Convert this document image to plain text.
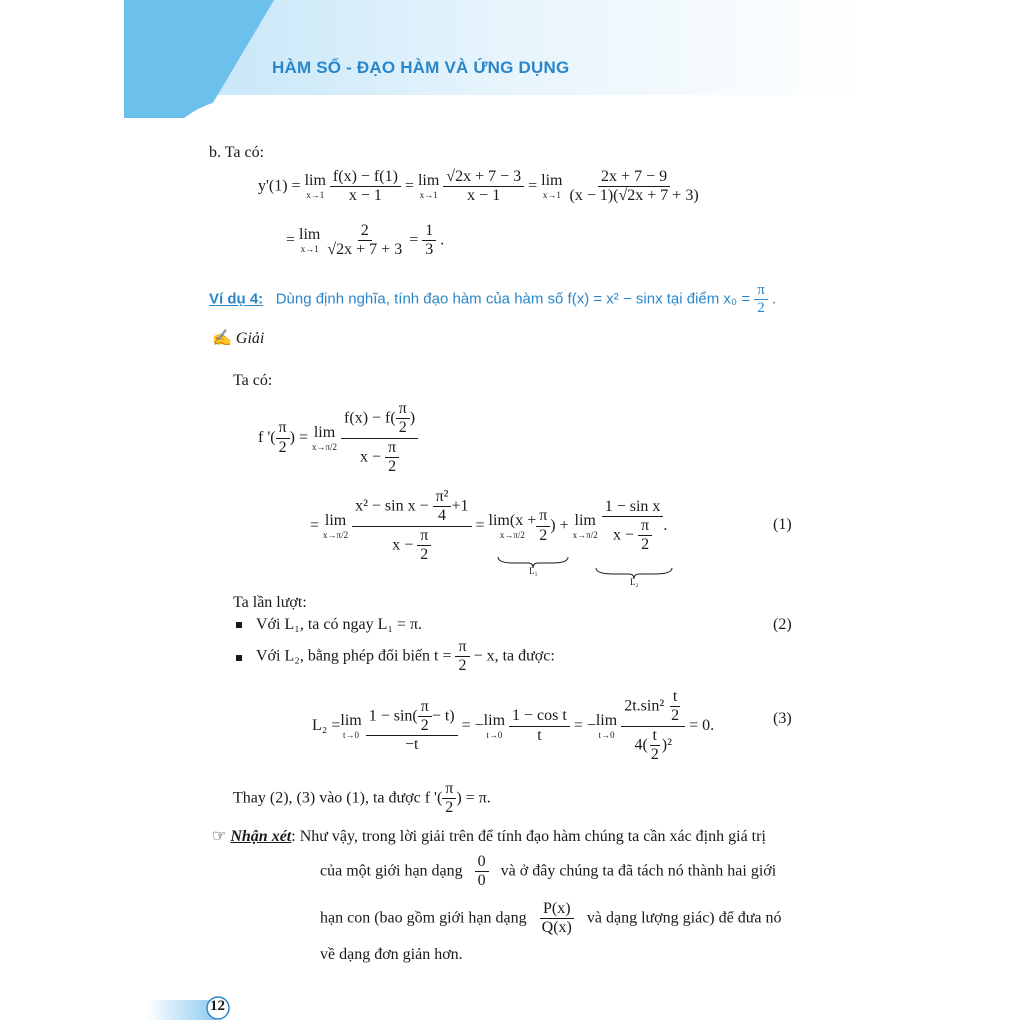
HÀM SỐ - ĐẠO HÀM VÀ ỨNG DỤNG
b. Ta có:
y'(1) = lim
x→1
$\frac{f(x) - f(1)}{x - 1} = \lim$
x→1
$\frac{√2x + 7 - 3}{x - 1} = \lim$
x→1
$\frac{2x + 7 - 9}{(x - 1)(√2x + 7 + 3)}$
= lim
x→1
$\frac{2}{√2x + 7 + 3} = \frac{1}{3}$ .
Ví dụ 4: Dùng định nghĩa, tính đạo hàm của hàm số f(x) = x² − sinx tại điểm $x_0 = \frac{\pi}{2}$ .
✍ Giải
Ta có:
f '( $\frac{\pi}{2}$ ) = lim
x→π/2
$\frac{f(x) - f( \frac{\pi}{2} )}{x - \frac{\pi}{2}}$
= lim
x→π/2
$\frac{x^2 - \sin x - \frac{\text{π²}}{4} +1}{x - \frac{\pi}{2}} = \lim(x$ +
$x\to\pi/2 \frac{\pi}{2}$ ) + lim
x→π/2
$\frac{\text{1 − sin x}}{x - \frac{\pi}{2}}$ .
L₁
L₂
(1)
Ta lần lượt:
Với L₁, ta có ngay L₁ = π.	(2)
Với L₂, bằng phép đổi biến $t = \frac{\pi}{2} - x$, ta được:
L₂ = lim
t→0
$\frac{1 - \sin( \frac{\pi}{2} - t)}{-t}$ = − lim
t→0
$\frac{\text{1 − cos t}}{t}$ = − lim
t→0
$\frac{2t.\sin^2 \frac{t}{2}}{4( \frac{t}{2} )^2} = 0$.	(3)
Thay (2), (3) vào (1), ta được f '( $\frac{\pi}{2}$ ) = π.
☞ Nhận xét: Như vậy, trong lời giải trên để tính đạo hàm chúng ta cần xác định giá trị
của một giới hạn dạng $\frac{0}{0}$ và ở đây chúng ta đã tách nó thành hai giới
hạn con (bao gồm giới hạn dạng $\frac{P(x)}{Q(x)}$ và dạng lượng giác) để đưa nó
về dạng đơn giản hơn.
12
